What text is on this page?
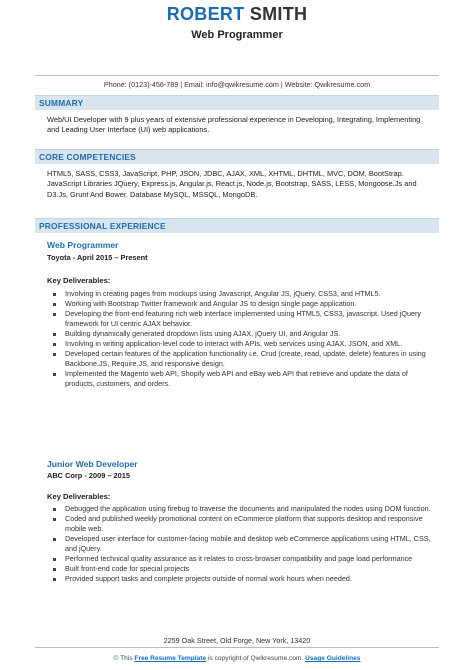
ROBERT SMITH
Web Programmer
Phone: (0123)-456-789 | Email: info@qwikresume.com | Website: Qwikresume.com
SUMMARY
Web/UI Developer with 9 plus years of extensive professional experience in Developing, Integrating, Implementing and Leading User Interface (UI) web applications.
CORE COMPETENCIES
HTML5, SASS, CSS3, JavaScript, PHP, JSON, JDBC, AJAX, XML, XHTML, DHTML, MVC, DOM, BootStrap. JavaScript Libraries JQuery, Express.js, Angular.js, React.js, Node.js, Bootstrap, SASS, LESS, Mongoose.Js and D3.Js, Grunt And Bower. Database MySQL, MSSQL, MongoDB.
PROFESSIONAL EXPERIENCE
Web Programmer
Toyota - April 2015 – Present
Key Deliverables:
Involving in creating pages from mockups using Javascript, Angular JS, jQuery, CSS3, and HTML5.
Working with Bootstrap Twitter framework and Angular JS to design single page application.
Developing the front-end featuring rich web interface implemented using HTML5, CSS3, javascript. Used jQuery framework for UI centric AJAX behavior.
Building dynamically generated dropdown lists using AJAX, jQuery UI, and Angular JS.
Involving in writing application-level code to interact with APIs, web services using AJAX, JSON, and XML.
Developed certain features of the application functionality i.e. Crud (create, read, update, delete) features in using Backbone.JS, Require.JS, and responsive design.
Implemented the Magento web API, Shopify web API and eBay web API that retrieve and update the data of products, customers, and orders.
Junior Web Developer
ABC Corp - 2009 – 2015
Key Deliverables:
Debugged the application using firebug to traverse the documents and manipulated the nodes using DOM function.
Coded and published weekly promotional content on eCommerce platform that supports desktop and responsive mobile web.
Developed user interface for customer-facing mobile and desktop web eCommerce applications using HTML, CSS, and jQuery.
Performed technical quality assurance as it relates to cross-browser compatibility and page load performance
Built front-end code for special projects
Provided support tasks and complete projects outside of normal work hours when needed.
2259 Oak Street, Old Forge, New York, 13420
© This Free Resume Template is copyright of Qwikresume.com. Usage Guidelines
